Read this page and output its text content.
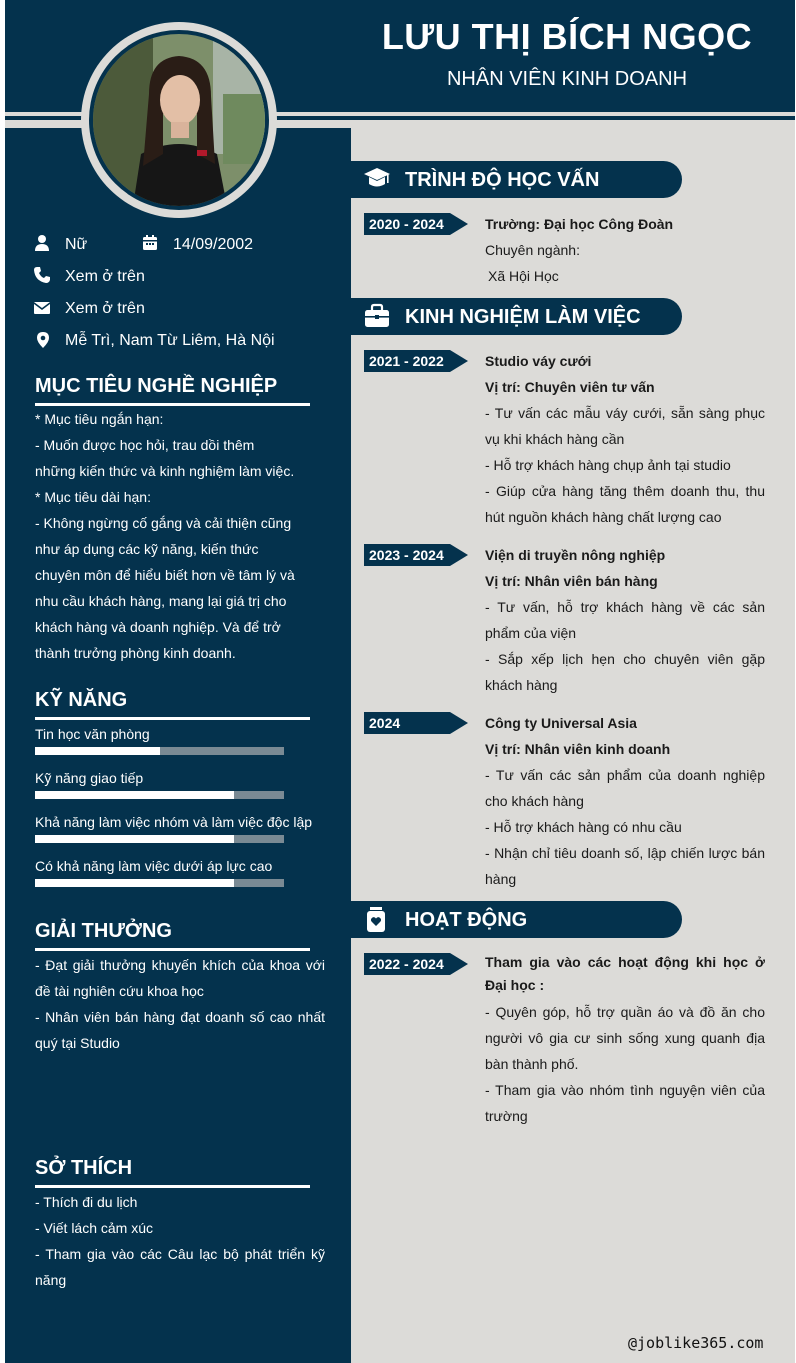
LƯU THỊ BÍCH NGỌC
NHÂN VIÊN KINH DOANH
Nữ	14/09/2002
Xem ở trên
Xem ở trên
Mễ Trì, Nam Từ Liêm, Hà Nội
MỤC TIÊU NGHỀ NGHIỆP

* Mục tiêu ngắn hạn:

- Muốn được học hỏi, trau dồi thêm những kiến thức và kinh nghiệm làm việc.

* Mục tiêu dài hạn:

- Không ngừng cố gắng và cải thiện cũng như áp dụng các kỹ năng, kiến thức chuyên môn để hiểu biết hơn về tâm lý và nhu cầu khách hàng, mang lại giá trị cho khách hàng và doanh nghiệp. Và để trở thành trưởng phòng kinh doanh.

KỸ NĂNG
Tin học văn phòng
Kỹ năng giao tiếp
Khả năng làm việc nhóm và làm việc độc lập
Có khả năng làm việc dưới áp lực cao
GIẢI THƯỞNG

- Đạt giải thưởng khuyến khích của khoa với đề tài nghiên cứu khoa học

- Nhân viên bán hàng đạt doanh số cao nhất quý tại Studio

SỞ THÍCH

- Thích đi du lịch

- Viết lách cảm xúc

- Tham gia vào các Câu lạc bộ phát triển kỹ năng

TRÌNH ĐỘ HỌC VẤN
2020 - 2024	Trường: Đại học Công Đoàn

Chuyên ngành:

Xã Hội Học

KINH NGHIỆM LÀM VIỆC
2021 - 2022	Studio váy cưới

Vị trí: Chuyên viên tư vấn

- Tư vấn các mẫu váy cưới, sẵn sàng phục vụ khi khách hàng cần

- Hỗ trợ khách hàng chụp ảnh tại studio

- Giúp cửa hàng tăng thêm doanh thu, thu hút nguồn khách hàng chất lượng cao

2023 - 2024	Viện di truyền nông nghiệp

Vị trí: Nhân viên bán hàng

- Tư vấn, hỗ trợ khách hàng về các sản phẩm của viện

- Sắp xếp lịch hẹn cho chuyên viên gặp khách hàng

2024	Công ty Universal Asia

Vị trí: Nhân viên kinh doanh

- Tư vấn các sản phẩm của doanh nghiệp cho khách hàng

- Hỗ trợ khách hàng có nhu cầu

- Nhận chỉ tiêu doanh số, lập chiến lược bán hàng

HOẠT ĐỘNG
2022 - 2024	Tham gia vào các hoạt động khi học ở Đại học :

- Quyên góp, hỗ trợ quần áo và đồ ăn cho người vô gia cư sinh sống xung quanh địa bàn thành phố.

- Tham gia vào nhóm tình nguyện viên của trường

@joblike365.com
